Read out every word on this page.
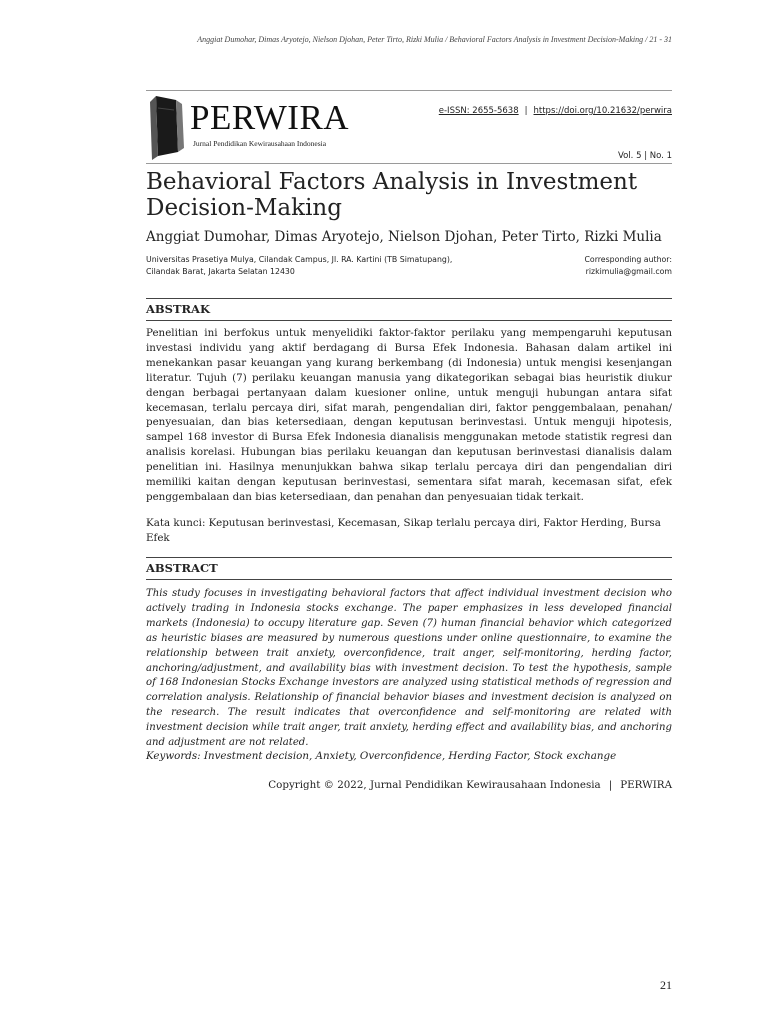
Anggiat Dumohar, Dimas Aryotejo, Nielson Djohan, Peter Tirto, Rizki Mulia / Behavioral Factors Analysis in Investment Decision-Making / 21 - 31
PERWIRA
Jurnal Pendidikan Kewirausahaan Indonesia
e-ISSN: 2655-5638 | https://doi.org/10.21632/perwira
Vol. 5 | No. 1
Behavioral Factors Analysis in Investment Decision-Making
Anggiat Dumohar, Dimas Aryotejo, Nielson Djohan, Peter Tirto, Rizki Mulia
Universitas Prasetiya Mulya, Cilandak Campus, Jl. RA. Kartini (TB Simatupang),
Cilandak Barat, Jakarta Selatan 12430
Corresponding author:
rizkimulia@gmail.com
ABSTRAK

Penelitian ini berfokus untuk menyelidiki faktor-faktor perilaku yang mempengaruhi keputusan investasi individu yang aktif berdagang di Bursa Efek Indonesia. Bahasan dalam artikel ini menekankan pasar keuangan yang kurang berkembang (di Indonesia) untuk mengisi kesenjangan literatur. Tujuh (7) perilaku keuangan manusia yang dikategorikan sebagai bias heuristik diukur dengan berbagai pertanyaan dalam kuesioner online, untuk menguji hubungan antara sifat kecemasan, terlalu percaya diri, sifat marah, pengendalian diri, faktor penggembalaan, penahan/ penyesuaian, dan bias ketersediaan, dengan keputusan berinvestasi. Untuk menguji hipotesis, sampel 168 investor di Bursa Efek Indonesia dianalisis menggunakan metode statistik regresi dan analisis korelasi. Hubungan bias perilaku keuangan dan keputusan berinvestasi dianalisis dalam penelitian ini. Hasilnya menunjukkan bahwa sikap terlalu percaya diri dan pengendalian diri memiliki kaitan dengan keputusan berinvestasi, sementara sifat marah, kecemasan sifat, efek penggembalaan dan bias ketersediaan, dan penahan dan penyesuaian tidak terkait.

Kata kunci: Keputusan berinvestasi, Kecemasan, Sikap terlalu percaya diri, Faktor Herding, Bursa Efek

ABSTRACT

This study focuses in investigating behavioral factors that affect individual investment decision who actively trading in Indonesia stocks exchange. The paper emphasizes in less developed financial markets (Indonesia) to occupy literature gap. Seven (7) human financial behavior which categorized as heuristic biases are measured by numerous questions under online questionnaire, to examine the relationship between trait anxiety, overconfidence, trait anger, self-monitoring, herding factor, anchoring/adjustment, and availability bias with investment decision. To test the hypothesis, sample of 168 Indonesian Stocks Exchange investors are analyzed using statistical methods of regression and correlation analysis. Relationship of financial behavior biases and investment decision is analyzed on the research. The result indicates that overconfidence and self-monitoring are related with investment decision while trait anger, trait anxiety, herding effect and availability bias, and anchoring and adjustment are not related.

Keywords: Investment decision, Anxiety, Overconfidence, Herding Factor, Stock exchange

Copyright © 2022, Jurnal Pendidikan Kewirausahaan Indonesia | PERWIRA
21
